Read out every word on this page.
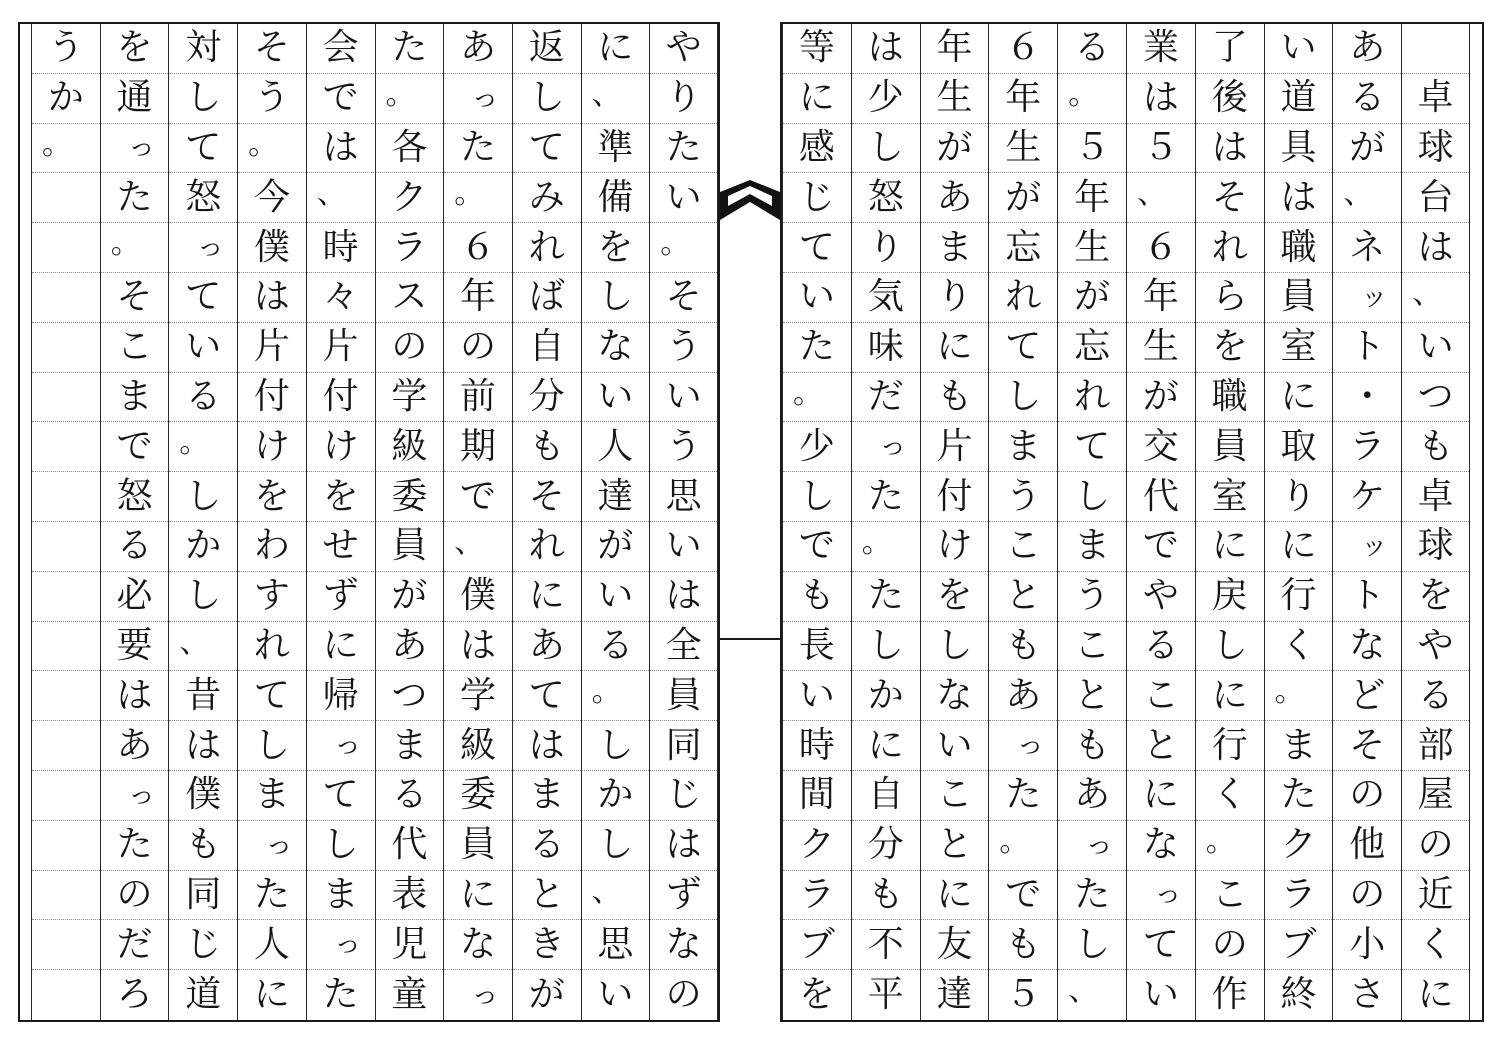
卓
球
台
は
、
い
つ
も
卓
球
を
や
る
部
屋
の
近
く
に
あ
る
が
、
ネ
ッ
ト
・
ラ
ケ
ッ
ト
な
ど
そ
の
他
の
小
さ
い
道
具
は
職
員
室
に
取
り
に
行
く
。
ま
た
ク
ラ
ブ
終
了
後
は
そ
れ
ら
を
職
員
室
に
戻
し
に
行
く
。
こ
の
作
業
は
５
、
６
年
生
が
交
代
で
や
る
こ
と
に
な
っ
て
い
る
。
５
年
生
が
忘
れ
て
し
ま
う
こ
と
も
あ
っ
た
し
、
６
年
生
が
忘
れ
て
し
ま
う
こ
と
も
あ
っ
た
。
で
も
５
年
生
が
あ
ま
り
に
も
片
付
け
を
し
な
い
こ
と
に
友
達
は
少
し
怒
り
気
味
だ
っ
た
。
た
し
か
に
自
分
も
不
平
等
に
感
じ
て
い
た
。
少
し
で
も
長
い
時
間
ク
ラ
ブ
を
や
り
た
い
。
そ
う
い
う
思
い
は
全
員
同
じ
は
ず
な
の
に
、
準
備
を
し
な
い
人
達
が
い
る
。
し
か
し
、
思
い
返
し
て
み
れ
ば
自
分
も
そ
れ
に
あ
て
は
ま
る
と
き
が
あ
っ
た
。
６
年
の
前
期
で
、
僕
は
学
級
委
員
に
な
っ
た
。
各
ク
ラ
ス
の
学
級
委
員
が
あ
つ
ま
る
代
表
児
童
会
で
は
、
時
々
片
付
け
を
せ
ず
に
帰
っ
て
し
ま
っ
た
そ
う
。
今
僕
は
片
付
け
を
わ
す
れ
て
し
ま
っ
た
人
に
対
し
て
怒
っ
て
い
る
。
し
か
し
、
昔
は
僕
も
同
じ
道
を
通
っ
た
。
そ
こ
ま
で
怒
る
必
要
は
あ
っ
た
の
だ
ろ
う
か
。
